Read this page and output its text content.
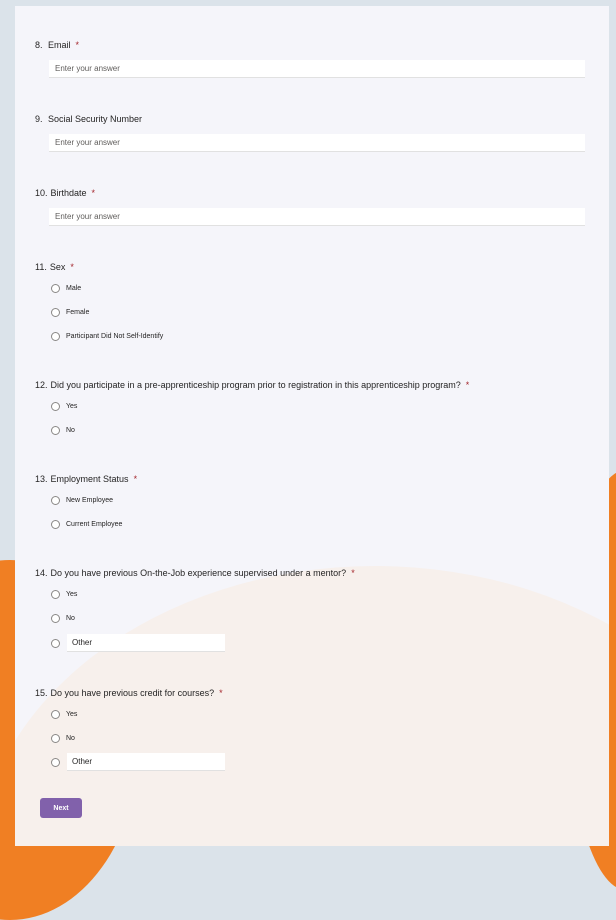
8. Email *
Enter your answer
9. Social Security Number
Enter your answer
10. Birthdate *
Enter your answer
11. Sex *
Male
Female
Participant Did Not Self-Identify
12. Did you participate in a pre-apprenticeship program prior to registration in this apprenticeship program? *
Yes
No
13. Employment Status *
New Employee
Current Employee
14. Do you have previous On-the-Job experience supervised under a mentor? *
Yes
No
Other
15. Do you have previous credit for courses? *
Yes
No
Other
Next
